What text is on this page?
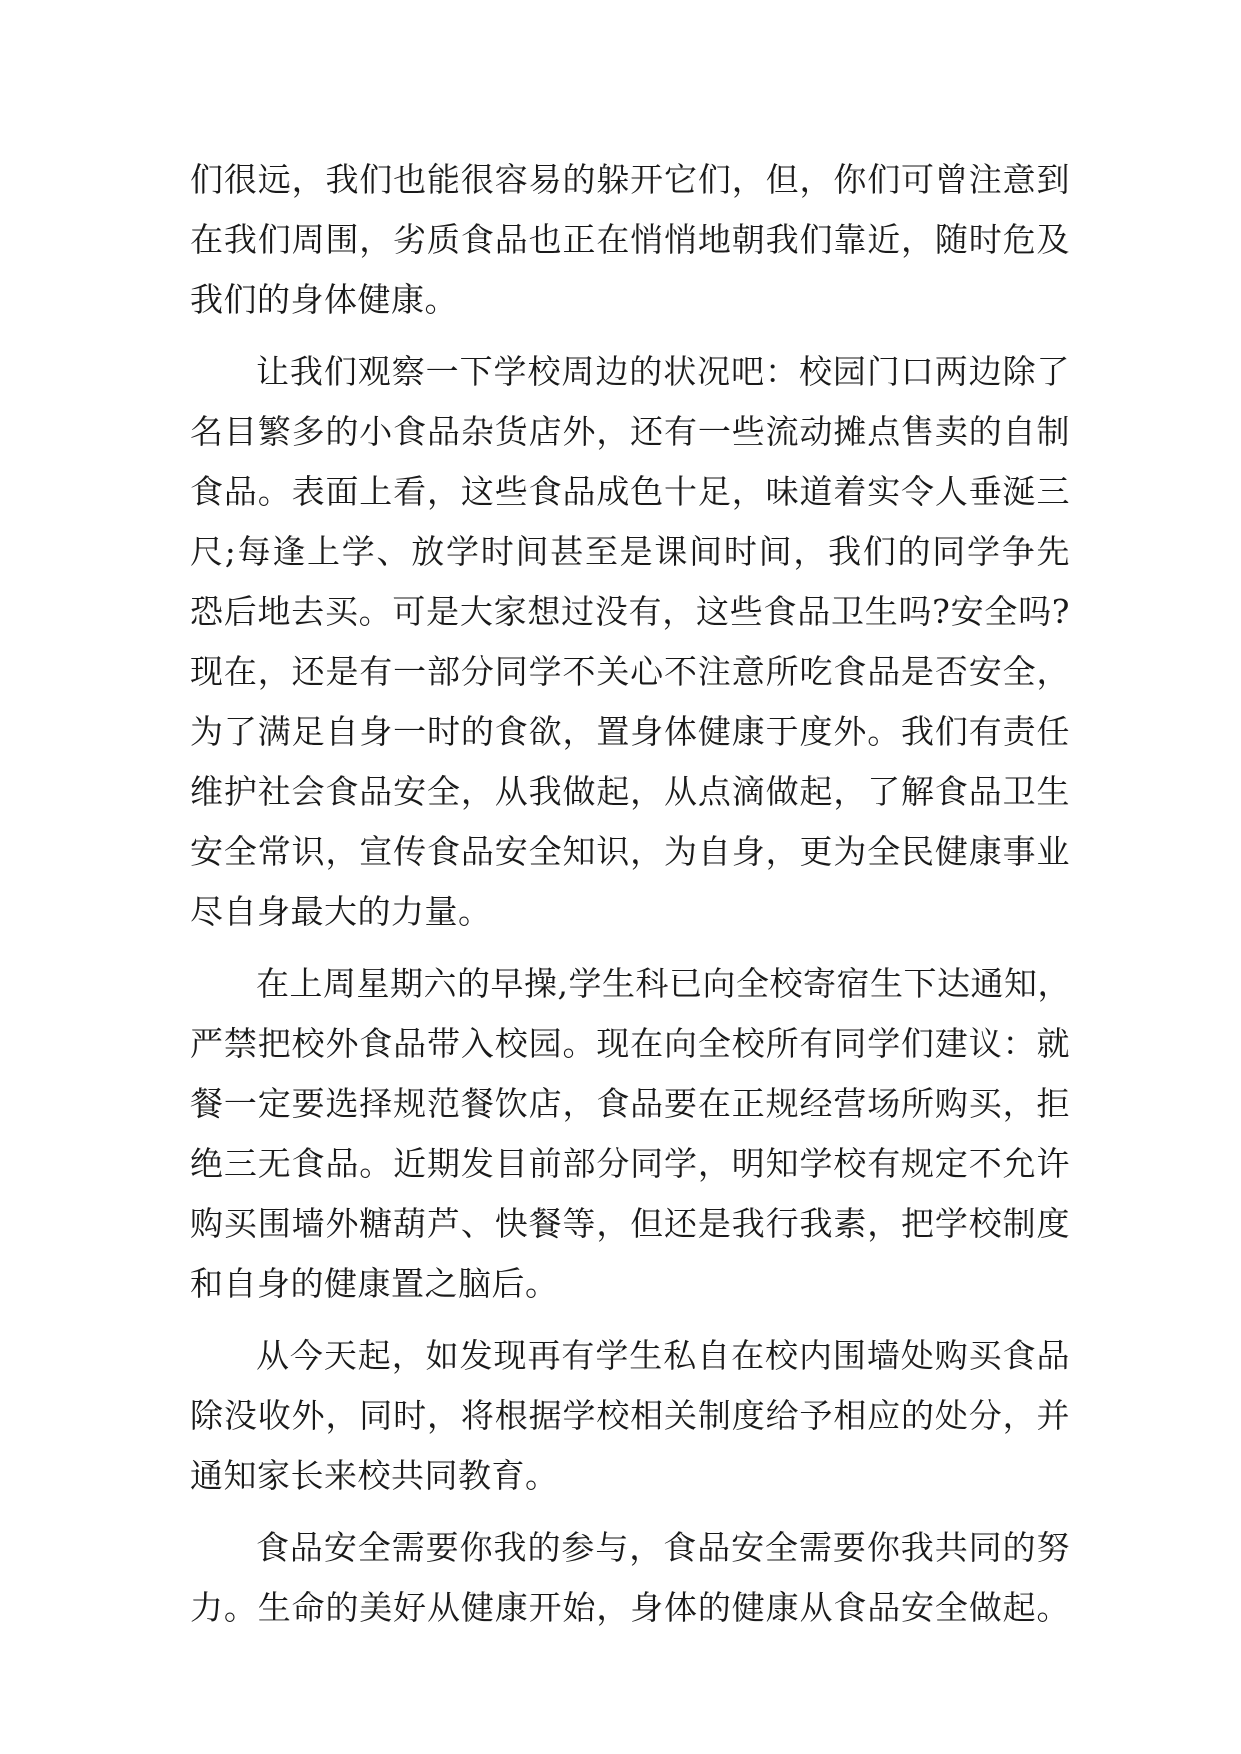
们很远，我们也能很容易的躲开它们，但，你们可曾注意到
在我们周围，劣质食品也正在悄悄地朝我们靠近，随时危及
我们的身体健康。
让我们观察一下学校周边的状况吧：校园门口两边除了
名目繁多的小食品杂货店外，还有一些流动摊点售卖的自制
食品。表面上看，这些食品成色十足，味道着实令人垂涎三
尺;每逢上学、放学时间甚至是课间时间，我们的同学争先
恐后地去买。可是大家想过没有，这些食品卫生吗?安全吗?
现在，还是有一部分同学不关心不注意所吃食品是否安全，
为了满足自身一时的食欲，置身体健康于度外。我们有责任
维护社会食品安全，从我做起，从点滴做起，了解食品卫生
安全常识，宣传食品安全知识，为自身，更为全民健康事业
尽自身最大的力量。
在上周星期六的早操,学生科已向全校寄宿生下达通知，
严禁把校外食品带入校园。现在向全校所有同学们建议：就
餐一定要选择规范餐饮店，食品要在正规经营场所购买，拒
绝三无食品。近期发目前部分同学，明知学校有规定不允许
购买围墙外糖葫芦、快餐等，但还是我行我素，把学校制度
和自身的健康置之脑后。
从今天起，如发现再有学生私自在校内围墙处购买食品
除没收外，同时，将根据学校相关制度给予相应的处分，并
通知家长来校共同教育。
食品安全需要你我的参与，食品安全需要你我共同的努
力。生命的美好从健康开始，身体的健康从食品安全做起。
